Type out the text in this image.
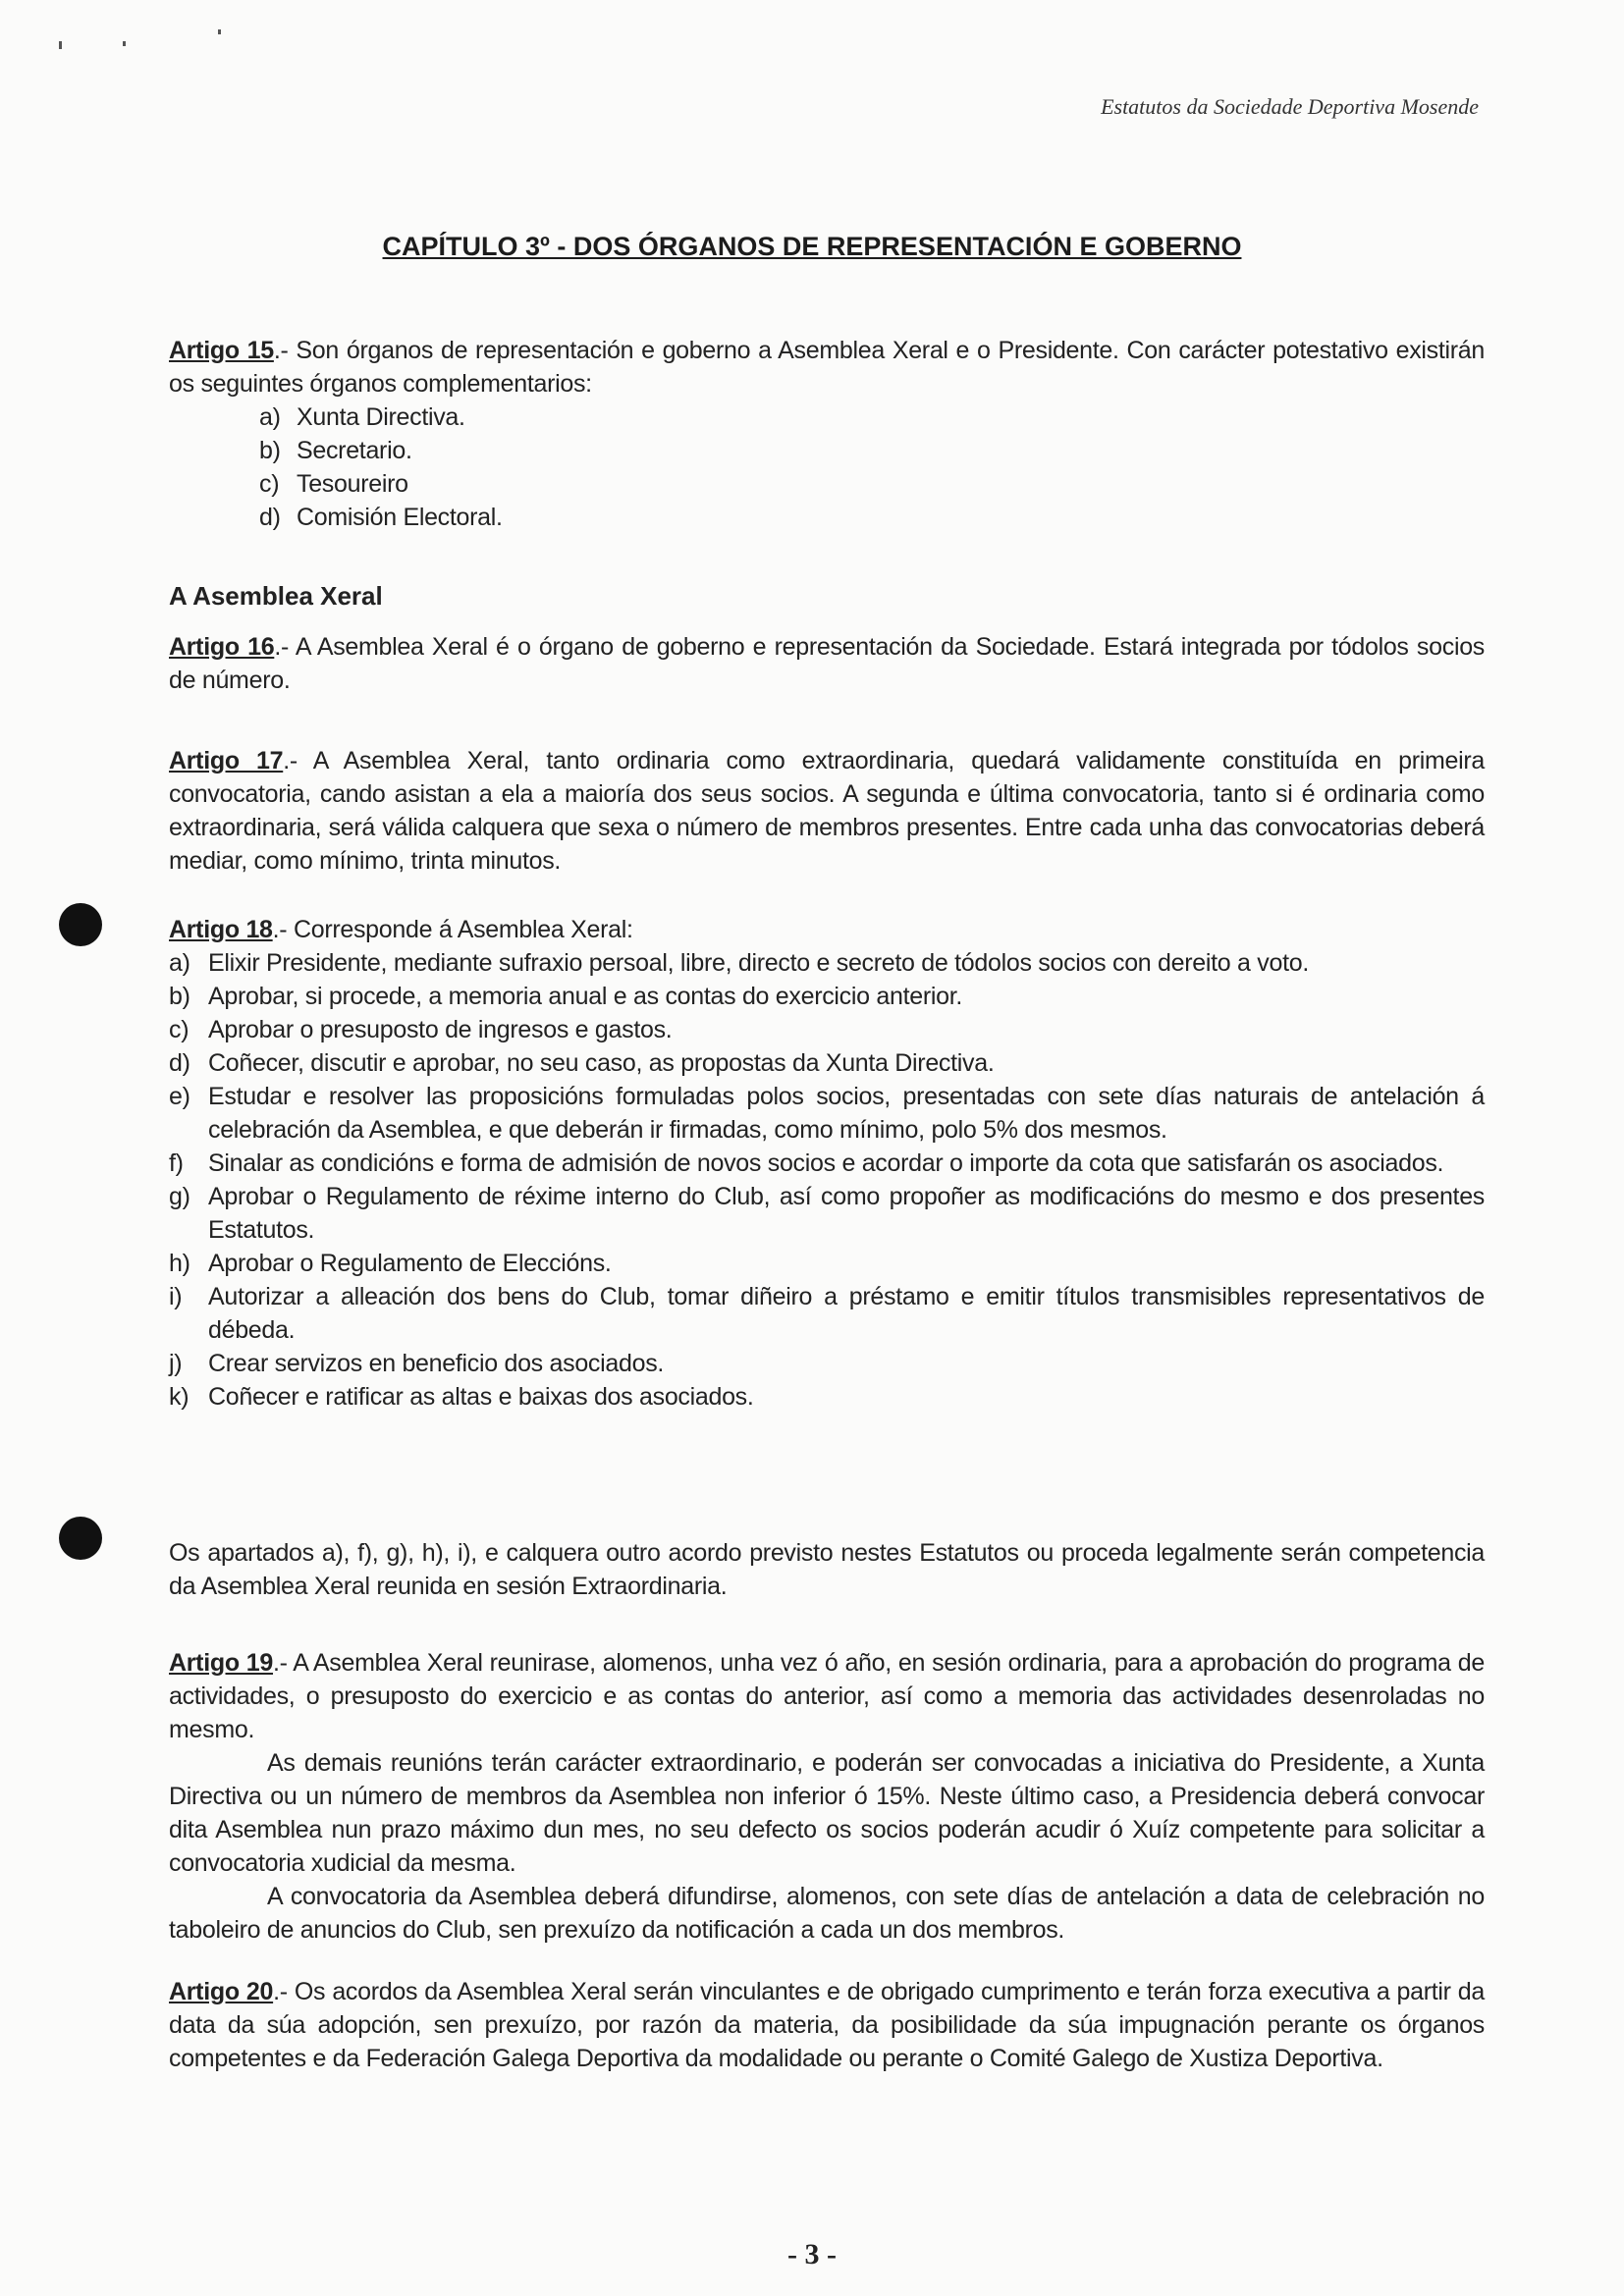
Estatutos da Sociedade Deportiva Mosende
CAPÍTULO 3º - DOS ÓRGANOS DE REPRESENTACIÓN E GOBERNO
Artigo 15.- Son órganos de representación e goberno a Asemblea Xeral e o Presidente. Con carácter potestativo existirán os seguintes órganos complementarios:
a) Xunta Directiva.
b) Secretario.
c) Tesoureiro
d) Comisión Electoral.
A Asemblea Xeral
Artigo 16.- A Asemblea Xeral é o órgano de goberno e representación da Sociedade. Estará integrada por tódolos socios de número.
Artigo 17.- A Asemblea Xeral, tanto ordinaria como extraordinaria, quedará validamente constituída en primeira convocatoria, cando asistan a ela a maioría dos seus socios. A segunda e última convocatoria, tanto si é ordinaria como extraordinaria, será válida calquera que sexa o número de membros presentes. Entre cada unha das convocatorias deberá mediar, como mínimo, trinta minutos.
Artigo 18.- Corresponde á Asemblea Xeral:
a) Elixir Presidente, mediante sufraxio persoal, libre, directo e secreto de tódolos socios con dereito a voto.
b) Aprobar, si procede, a memoria anual e as contas do exercicio anterior.
c) Aprobar o presuposto de ingresos e gastos.
d) Coñecer, discutir e aprobar, no seu caso, as propostas da Xunta Directiva.
e) Estudar e resolver las proposicións formuladas polos socios, presentadas con sete días naturais de antelación á celebración da Asemblea, e que deberán ir firmadas, como mínimo, polo 5% dos mesmos.
f)	Sinalar as condicións e forma de admisión de novos socios e acordar o importe da cota que satisfarán os asociados.
g) Aprobar o Regulamento de réxime interno do Club, así como propoñer as modificacións do mesmo e dos presentes Estatutos.
h) Aprobar o Regulamento de Eleccións.
i)	Autorizar a alleación dos bens do Club, tomar diñeiro a préstamo e emitir títulos transmisibles representativos de débeda.
j)	Crear servizos en beneficio dos asociados.
k) Coñecer e ratificar as altas e baixas dos asociados.
Os apartados a), f), g), h), i), e calquera outro acordo previsto nestes Estatutos ou proceda legalmente serán competencia da Asemblea Xeral reunida en sesión Extraordinaria.
Artigo 19.- A Asemblea Xeral reunirase, alomenos, unha vez ó año, en sesión ordinaria, para a aprobación do programa de actividades, o presuposto do exercicio e as contas do anterior, así como a memoria das actividades desenroladas no mesmo.
As demais reunións terán carácter extraordinario, e poderán ser convocadas a iniciativa do Presidente, a Xunta Directiva ou un número de membros da Asemblea non inferior ó 15%. Neste último caso, a Presidencia deberá convocar dita Asemblea nun prazo máximo dun mes, no seu defecto os socios poderán acudir ó Xuíz competente para solicitar a convocatoria xudicial da mesma.
A convocatoria da Asemblea deberá difundirse, alomenos, con sete días de antelación a data de celebración no taboleiro de anuncios do Club, sen prexuízo da notificación a cada un dos membros.
Artigo 20.- Os acordos da Asemblea Xeral serán vinculantes e de obrigado cumprimento e terán forza executiva a partir da data da súa adopción, sen prexuízo, por razón da materia, da posibilidade da súa impugnación perante os órganos competentes e da Federación Galega Deportiva da modalidade ou perante o Comité Galego de Xustiza Deportiva.
- 3 -
